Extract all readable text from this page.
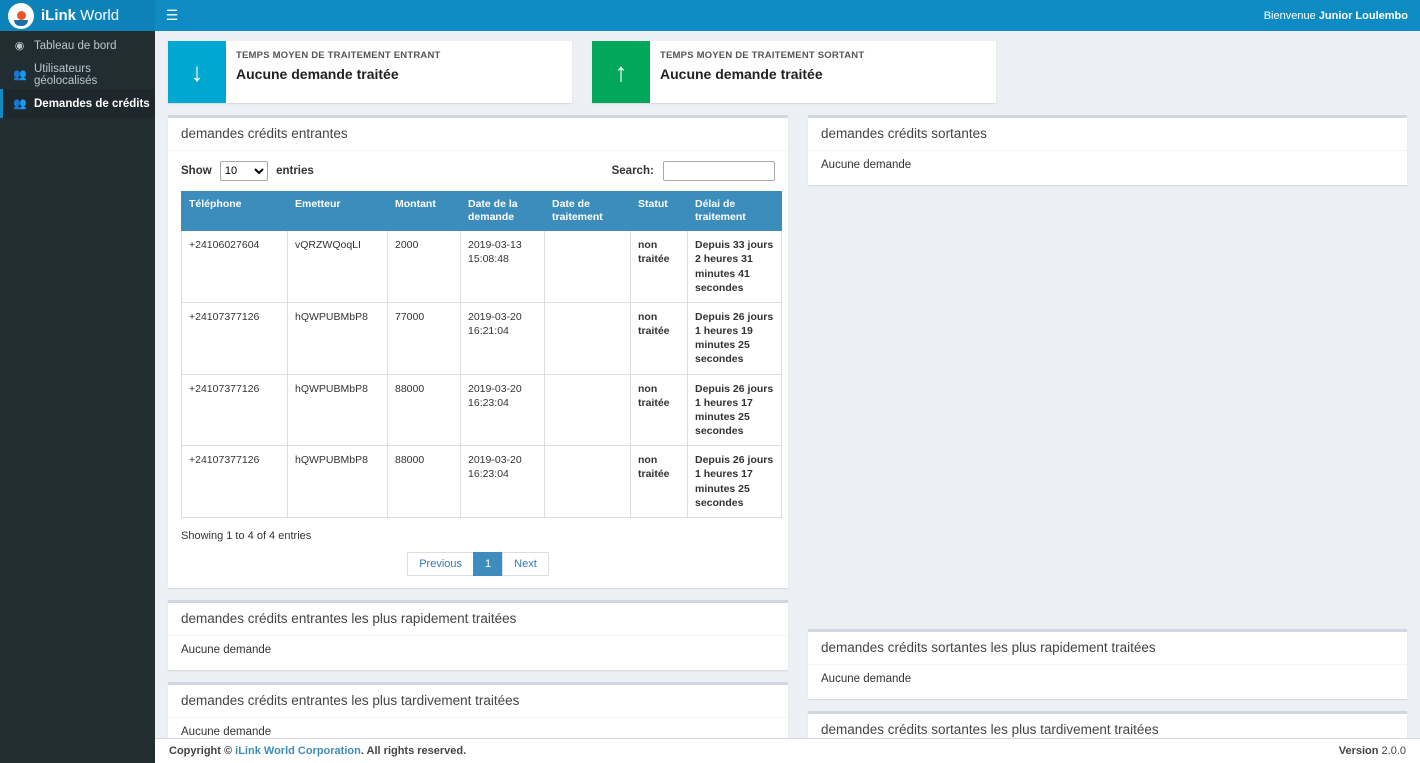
iLink World	☰	Bienvenue Junior Loulembo
◉ Tableau de bord
👥
Utilisateurs géolocalisés
👥 Demandes de crédits
↓
TEMPS MOYEN DE TRAITEMENT ENTRANT
Aucune demande traitée	↑
TEMPS MOYEN DE TRAITEMENT SORTANT
Aucune demande traitée
demandes crédits entrantes
Show
10	entries	Search:
Téléphone	Emetteur	Montant	Date de la demande	Date de traitement	Statut	Délai de traitement
+24106027604	vQRZWQoqLI	2000	2019-03-13 15:08:48		non traitée	Depuis 33 jours 2 heures 31 minutes 41 secondes
+24107377126	hQWPUBMbP8	77000	2019-03-20 16:21:04		non traitée	Depuis 26 jours 1 heures 19 minutes 25 secondes
+24107377126	hQWPUBMbP8	88000	2019-03-20 16:23:04		non traitée	Depuis 26 jours 1 heures 17 minutes 25 secondes
+24107377126	hQWPUBMbP8	88000	2019-03-20 16:23:04		non traitée	Depuis 26 jours 1 heures 17 minutes 25 secondes
Showing 1 to 4 of 4 entries
Previous	1	Next
demandes crédits entrantes les plus rapidement traitées
Aucune demande
demandes crédits entrantes les plus tardivement traitées
Aucune demande
demandes crédits sortantes
Aucune demande
demandes crédits sortantes les plus rapidement traitées
Aucune demande
demandes crédits sortantes les plus tardivement traitées
Copyright © iLink World Corporation. All rights reserved.	Version 2.0.0
